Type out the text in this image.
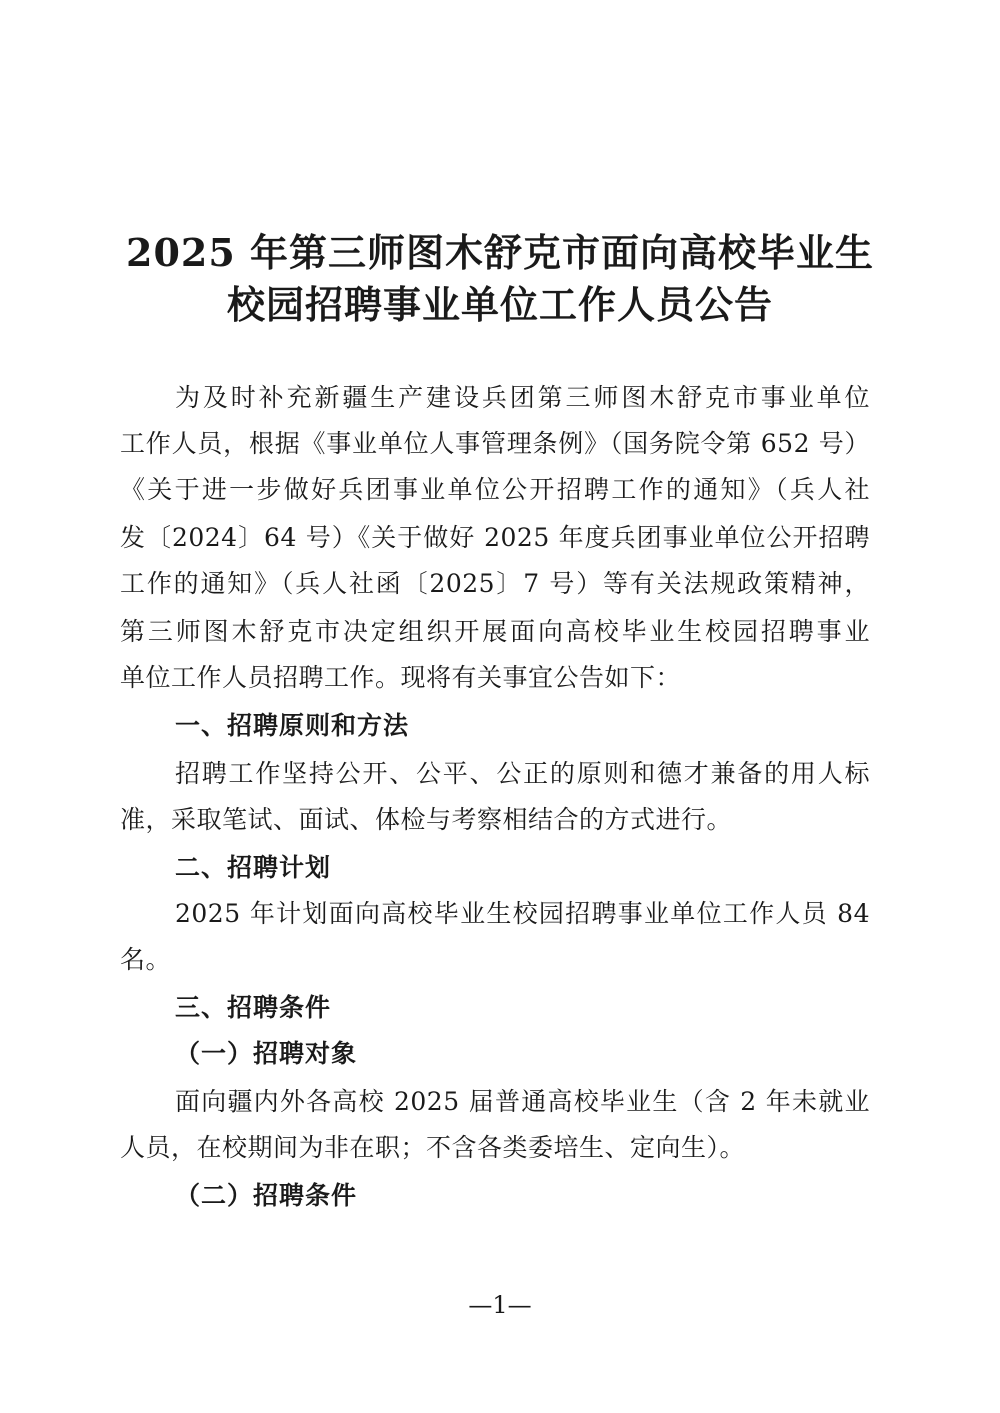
2025 年第三师图木舒克市面向高校毕业生
校园招聘事业单位工作人员公告
为及时补充新疆生产建设兵团第三师图木舒克市事业单位
工作人员，根据《事业单位人事管理条例》（国务院令第 652 号）
《关于进一步做好兵团事业单位公开招聘工作的通知》（兵人社
发〔2024〕64 号）《关于做好 2025 年度兵团事业单位公开招聘
工作的通知》（兵人社函〔2025〕7 号）等有关法规政策精神，
第三师图木舒克市决定组织开展面向高校毕业生校园招聘事业
单位工作人员招聘工作。现将有关事宜公告如下：
一、招聘原则和方法
招聘工作坚持公开、公平、公正的原则和德才兼备的用人标
准，采取笔试、面试、体检与考察相结合的方式进行。
二、招聘计划
2025 年计划面向高校毕业生校园招聘事业单位工作人员 84
名。
三、招聘条件
（一）招聘对象
面向疆内外各高校 2025 届普通高校毕业生（含 2 年未就业
人员，在校期间为非在职；不含各类委培生、定向生）。
（二）招聘条件
—1—
